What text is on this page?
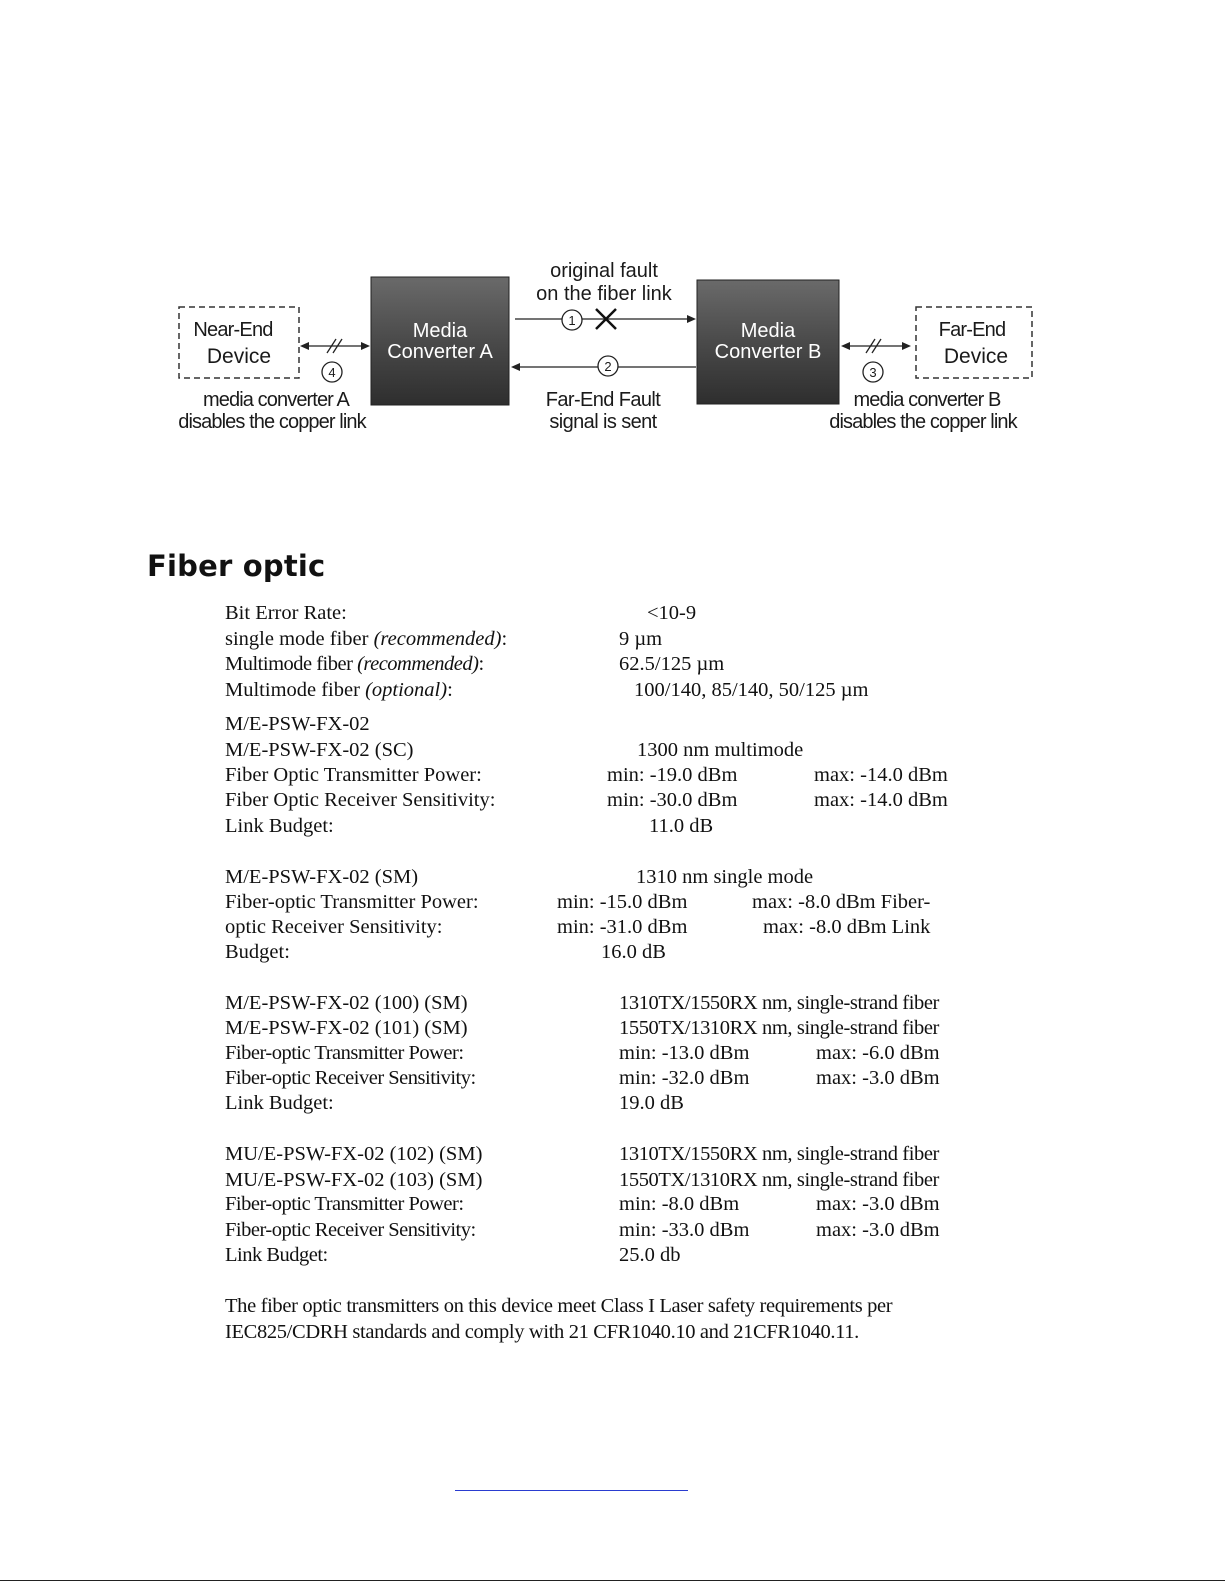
Near-End
Device
Media
Converter A
Media
Converter B
Far-End
Device
1
2	3
4
original fault
on the fiber link
Far-End Fault
signal is sent
media converter A
disables the copper link
media converter B
disables the copper link
Fiber optic
Bit Error Rate:	<10-9
single mode fiber (recommended):	9 µm
Multimode fiber (recommended):	62.5/125 µm
Multimode fiber (optional):	100/140, 85/140, 50/125 µm
M/E-PSW-FX-02
M/E-PSW-FX-02 (SC)	1300 nm multimode
Fiber Optic Transmitter Power:	min: -19.0 dBm	max: -14.0 dBm
Fiber Optic Receiver Sensitivity:	min: -30.0 dBm	max: -14.0 dBm
Link Budget:	11.0 dB
M/E-PSW-FX-02 (SM)	1310 nm single mode
Fiber-optic Transmitter Power:	min: -15.0 dBm	max: -8.0 dBm Fiber-
optic Receiver Sensitivity:	min: -31.0 dBm	max: -8.0 dBm Link
Budget:	16.0 dB
M/E-PSW-FX-02 (100) (SM)	1310TX/1550RX nm, single-strand fiber
M/E-PSW-FX-02 (101) (SM)	1550TX/1310RX nm, single-strand fiber
Fiber-optic Transmitter Power:	min: -13.0 dBm	max: -6.0 dBm
Fiber-optic Receiver Sensitivity:	min: -32.0 dBm	max: -3.0 dBm
Link Budget:	19.0 dB
MU/E-PSW-FX-02 (102) (SM)	1310TX/1550RX nm, single-strand fiber
MU/E-PSW-FX-02 (103) (SM)	1550TX/1310RX nm, single-strand fiber
Fiber-optic Transmitter Power:	min: -8.0 dBm	max: -3.0 dBm
Fiber-optic Receiver Sensitivity:	min: -33.0 dBm	max: -3.0 dBm
Link Budget:	25.0 db
The fiber optic transmitters on this device meet Class I Laser safety requirements per
IEC825/CDRH standards and comply with 21 CFR1040.10 and 21CFR1040.11.
